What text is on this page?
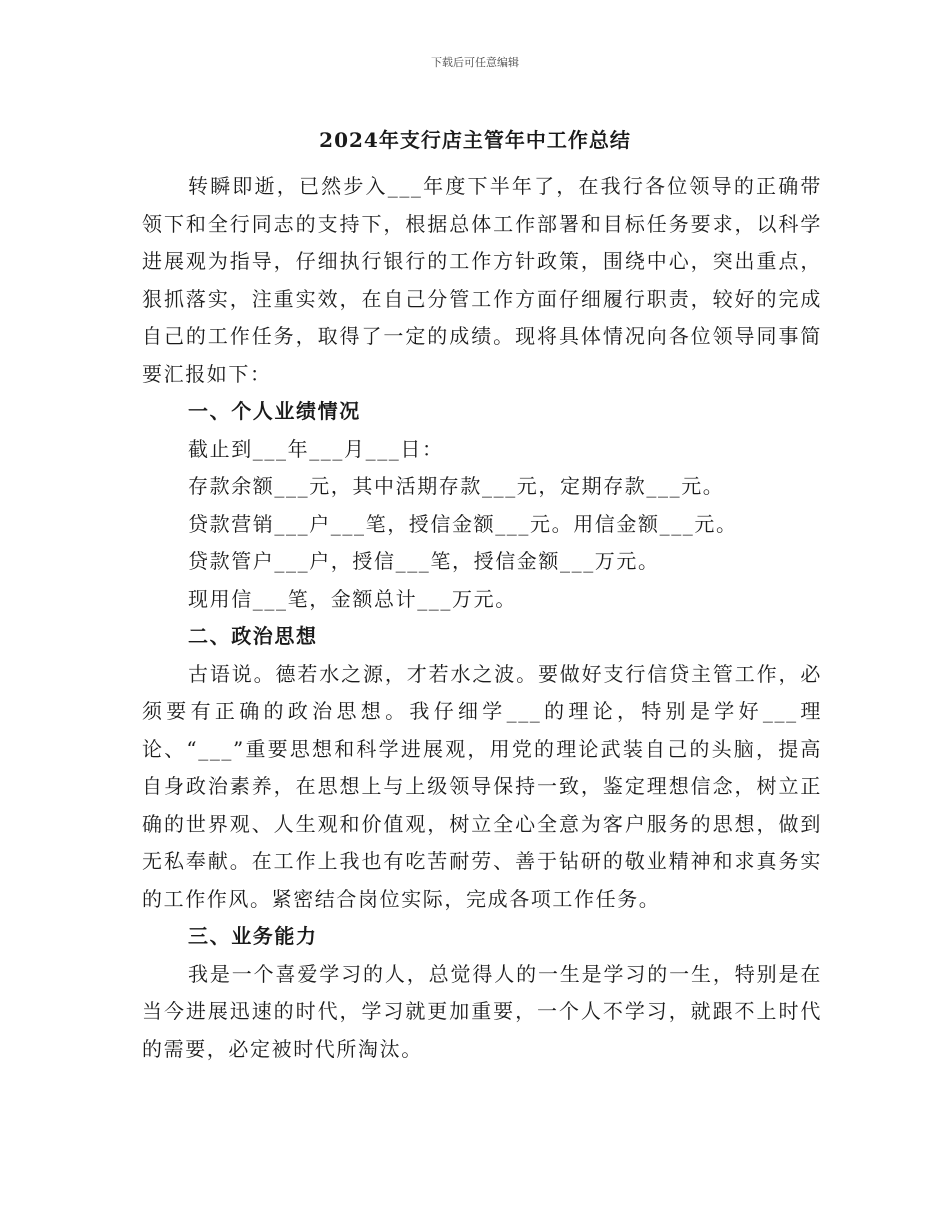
下载后可任意编辑
2024年支行店主管年中工作总结

转瞬即逝，已然步入___年度下半年了，在我行各位领导的正确带领下和全行同志的支持下，根据总体工作部署和目标任务要求，以科学进展观为指导，仔细执行银行的工作方针政策，围绕中心，突出重点，狠抓落实，注重实效，在自己分管工作方面仔细履行职责，较好的完成自己的工作任务，取得了一定的成绩。现将具体情况向各位领导同事简要汇报如下：

一、个人业绩情况

截止到___年___月___日：

存款余额___元，其中活期存款___元，定期存款___元。

贷款营销___户___笔，授信金额___元。用信金额___元。

贷款管户___户，授信___笔，授信金额___万元。

现用信___笔，金额总计___万元。

二、政治思想

古语说。德若水之源，才若水之波。要做好支行信贷主管工作，必须要有正确的政治思想。我仔细学___的理论，特别是学好___理论、“___”重要思想和科学进展观，用党的理论武装自己的头脑，提高自身政治素养，在思想上与上级领导保持一致，鉴定理想信念，树立正确的世界观、人生观和价值观，树立全心全意为客户服务的思想，做到无私奉献。在工作上我也有吃苦耐劳、善于钻研的敬业精神和求真务实的工作作风。紧密结合岗位实际，完成各项工作任务。

三、业务能力

我是一个喜爱学习的人，总觉得人的一生是学习的一生，特别是在当今进展迅速的时代，学习就更加重要，一个人不学习，就跟不上时代的需要，必定被时代所淘汰。
